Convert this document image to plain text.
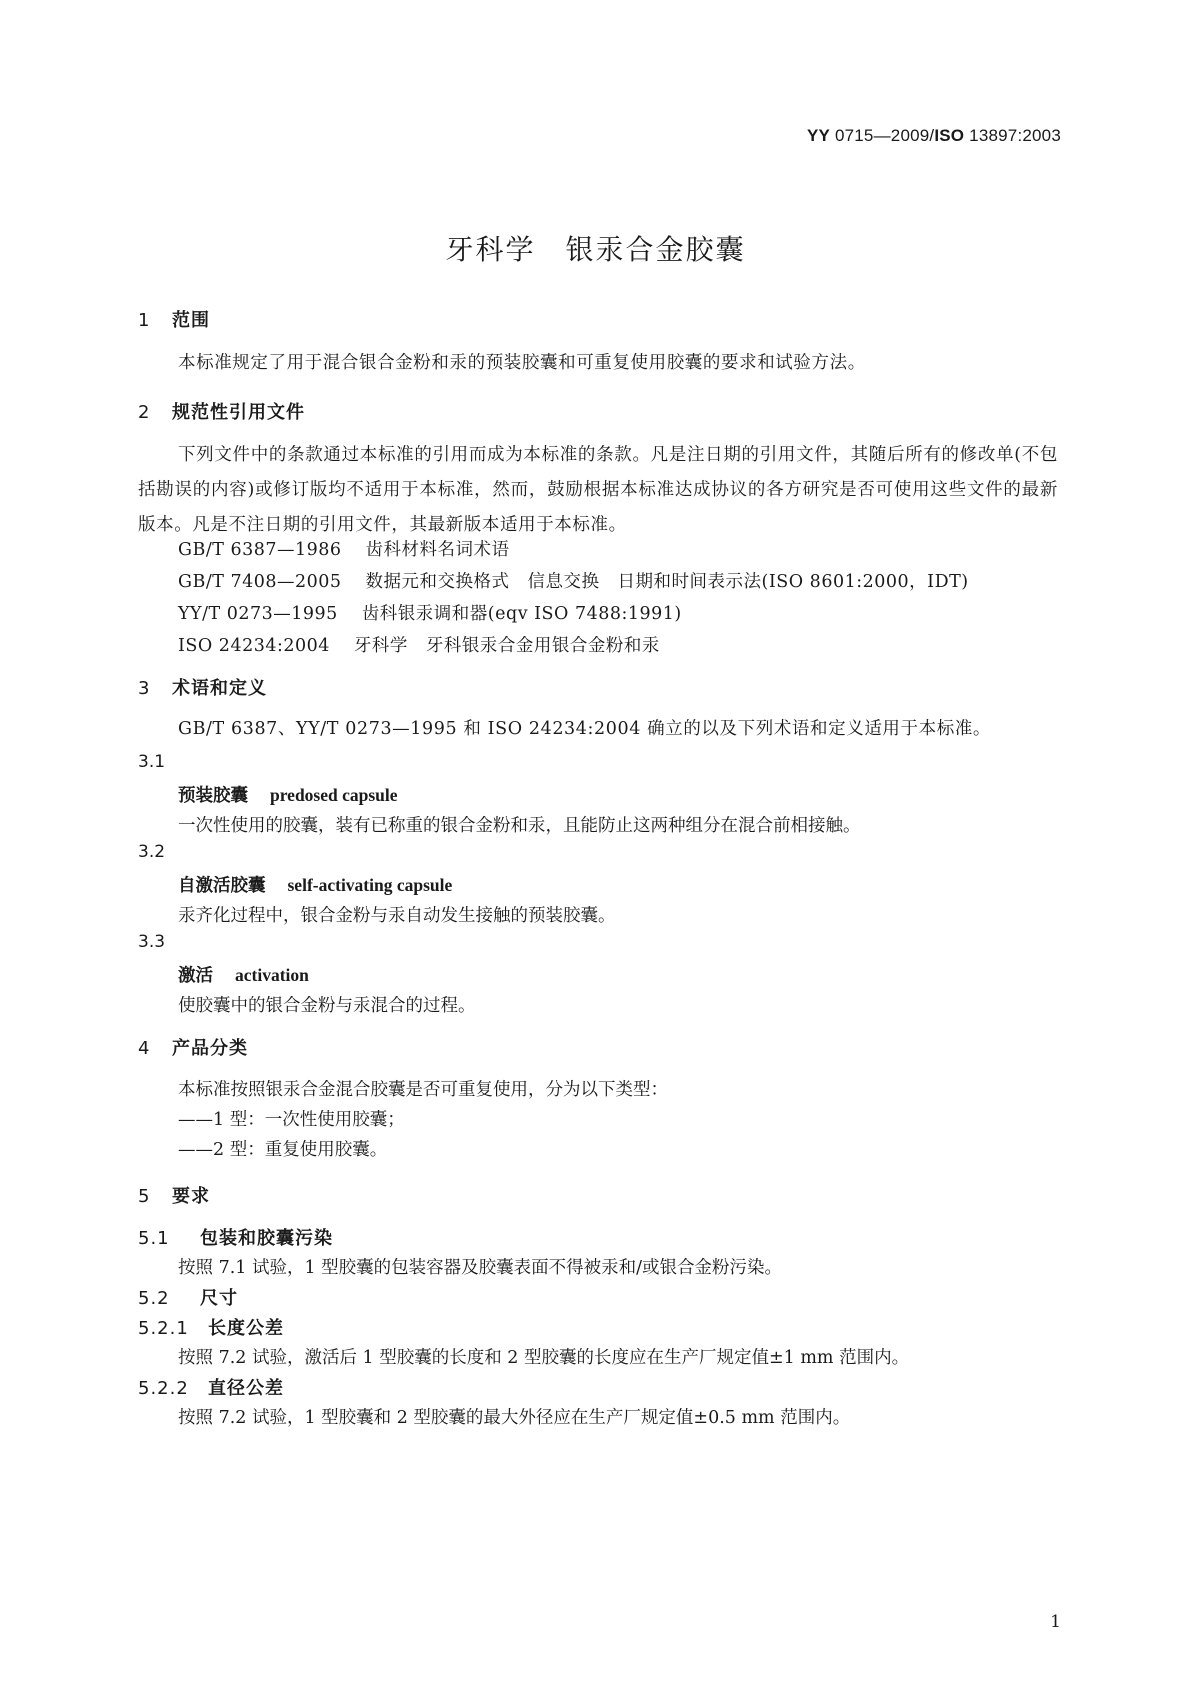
YY 0715—2009/ISO 13897:2003
牙科学　银汞合金胶囊
1 范围
本标准规定了用于混合银合金粉和汞的预装胶囊和可重复使用胶囊的要求和试验方法。
2 规范性引用文件
下列文件中的条款通过本标准的引用而成为本标准的条款。凡是注日期的引用文件，其随后所有的修改单(不包括勘误的内容)或修订版均不适用于本标准，然而，鼓励根据本标准达成协议的各方研究是否可使用这些文件的最新版本。凡是不注日期的引用文件，其最新版本适用于本标准。
GB/T 6387—1986 齿科材料名词术语
GB/T 7408—2005 数据元和交换格式　信息交换　日期和时间表示法(ISO 8601:2000，IDT)
YY/T 0273—1995 齿科银汞调和器(eqv ISO 7488:1991)
ISO 24234:2004 牙科学　牙科银汞合金用银合金粉和汞
3 术语和定义
GB/T 6387、YY/T 0273—1995 和 ISO 24234:2004 确立的以及下列术语和定义适用于本标准。
3.1
预装胶囊 predosed capsule
一次性使用的胶囊，装有已称重的银合金粉和汞，且能防止这两种组分在混合前相接触。
3.2
自激活胶囊 self-activating capsule
汞齐化过程中，银合金粉与汞自动发生接触的预装胶囊。
3.3
激活 activation
使胶囊中的银合金粉与汞混合的过程。
4 产品分类
本标准按照银汞合金混合胶囊是否可重复使用，分为以下类型：
——1 型：一次性使用胶囊；
——2 型：重复使用胶囊。
5 要求
5.1 包装和胶囊污染
按照 7.1 试验，1 型胶囊的包装容器及胶囊表面不得被汞和/或银合金粉污染。
5.2 尺寸
5.2.1 长度公差
按照 7.2 试验，激活后 1 型胶囊的长度和 2 型胶囊的长度应在生产厂规定值±1 mm 范围内。
5.2.2 直径公差
按照 7.2 试验，1 型胶囊和 2 型胶囊的最大外径应在生产厂规定值±0.5 mm 范围内。
1
